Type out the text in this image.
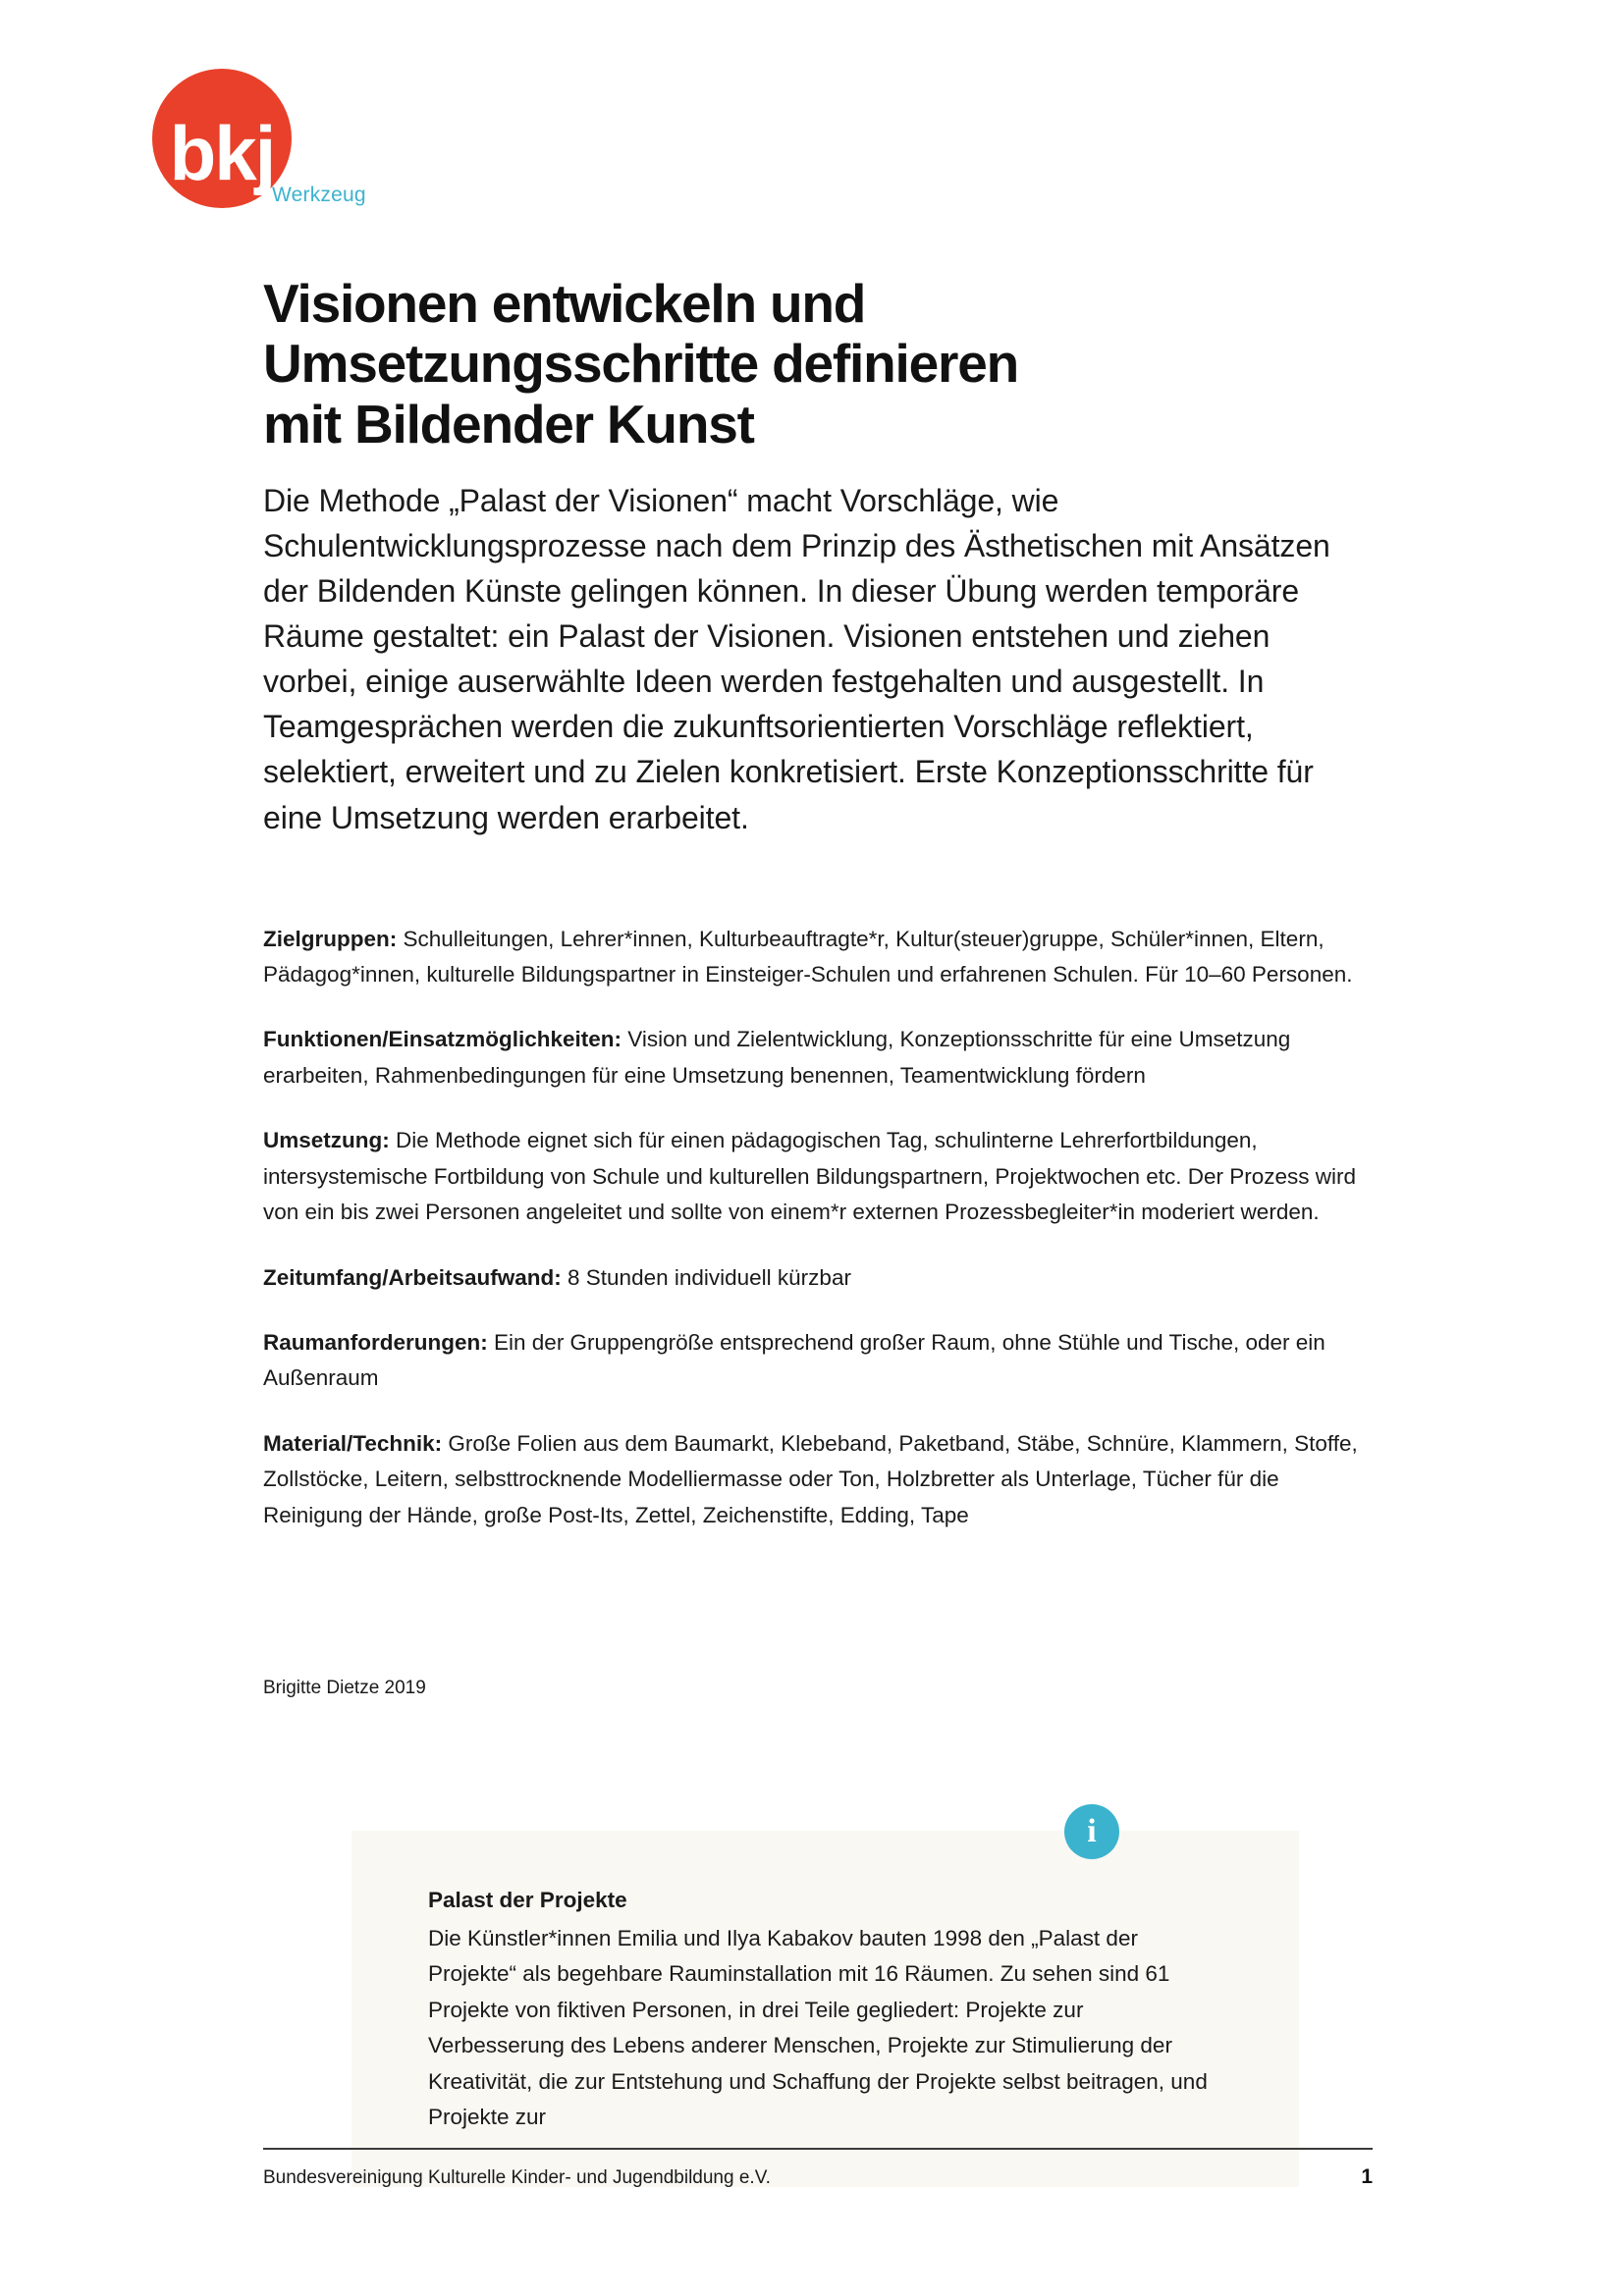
bkj
Werkzeug
Visionen entwickeln und
Umsetzungsschritte definieren
mit Bildender Kunst

Die Methode „Palast der Visionen“ macht Vorschläge, wie Schulentwicklungsprozesse nach dem Prinzip des Ästhetischen mit Ansätzen der Bildenden Künste gelingen können. In dieser Übung werden temporäre Räume gestaltet: ein Palast der Visionen. Visionen entstehen und ziehen vorbei, einige auserwählte Ideen werden festgehalten und ausgestellt. In Teamgesprächen werden die zukunftsorientierten Vorschläge reflektiert, selektiert, erweitert und zu Zielen konkretisiert. Erste Konzeptionsschritte für eine Umsetzung werden erarbeitet.

Zielgruppen: Schulleitungen, Lehrer*innen, Kulturbeauftragte*r, Kultur(steuer)gruppe, Schüler*innen, Eltern, Pädagog*innen, kulturelle Bildungspartner in Einsteiger-Schulen und erfahrenen Schulen. Für 10–60 Personen.

Funktionen/Einsatzmöglichkeiten: Vision und Zielentwicklung, Konzeptionsschritte für eine Umsetzung erarbeiten, Rahmenbedingungen für eine Umsetzung benennen, Teamentwicklung fördern

Umsetzung: Die Methode eignet sich für einen pädagogischen Tag, schulinterne Lehrerfortbildungen, intersystemische Fortbildung von Schule und kulturellen Bildungspartnern, Projektwochen etc. Der Prozess wird von ein bis zwei Personen angeleitet und sollte von einem*r externen Prozessbegleiter*in moderiert werden.

Zeitumfang/Arbeitsaufwand: 8 Stunden individuell kürzbar

Raumanforderungen: Ein der Gruppengröße entsprechend großer Raum, ohne Stühle und Tische, oder ein Außenraum

Material/Technik: Große Folien aus dem Baumarkt, Klebeband, Paketband, Stäbe, Schnüre, Klammern, Stoffe, Zollstöcke, Leitern, selbsttrocknende Modelliermasse oder Ton, Holzbretter als Unterlage, Tücher für die Reinigung der Hände, große Post-Its, Zettel, Zeichenstifte, Edding, Tape

Brigitte Dietze 2019

i
Palast der Projekte
Die Künstler*innen Emilia und Ilya Kabakov bauten 1998 den „Palast der Projekte“ als begehbare Rauminstallation mit 16 Räumen. Zu sehen sind 61 Projekte von fiktiven Personen, in drei Teile gegliedert: Projekte zur Verbesserung des Lebens anderer Menschen, Projekte zur Stimulierung der Kreativität, die zur Entstehung und Schaffung der Projekte selbst beitragen, und Projekte zur
Bundesvereinigung Kulturelle Kinder- und Jugendbildung e.V.	1
